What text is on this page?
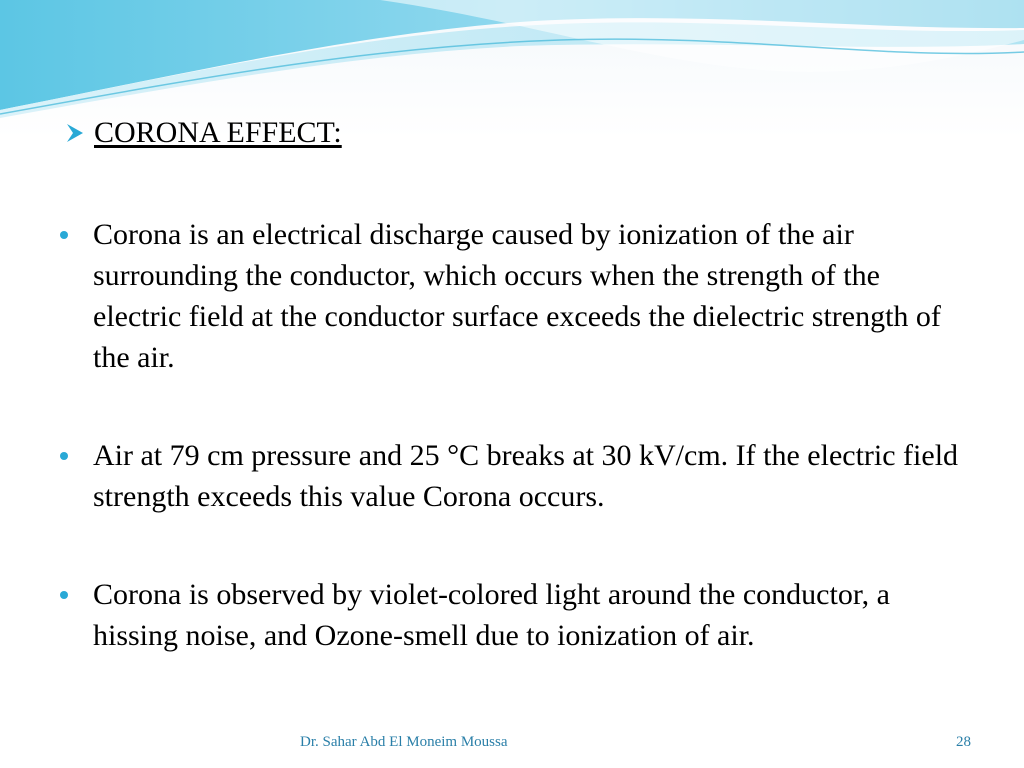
CORONA EFFECT:
Corona is an electrical discharge caused by ionization of the air surrounding the conductor, which occurs when the strength of the electric field at the conductor surface exceeds the dielectric strength of the air.
Air at 79 cm pressure and 25 °C breaks at 30 kV/cm. If the electric field strength exceeds this value Corona occurs.
Corona is observed by violet-colored light around the conductor, a hissing noise, and Ozone-smell due to ionization of air.
Dr. Sahar Abd El Moneim Moussa	28
